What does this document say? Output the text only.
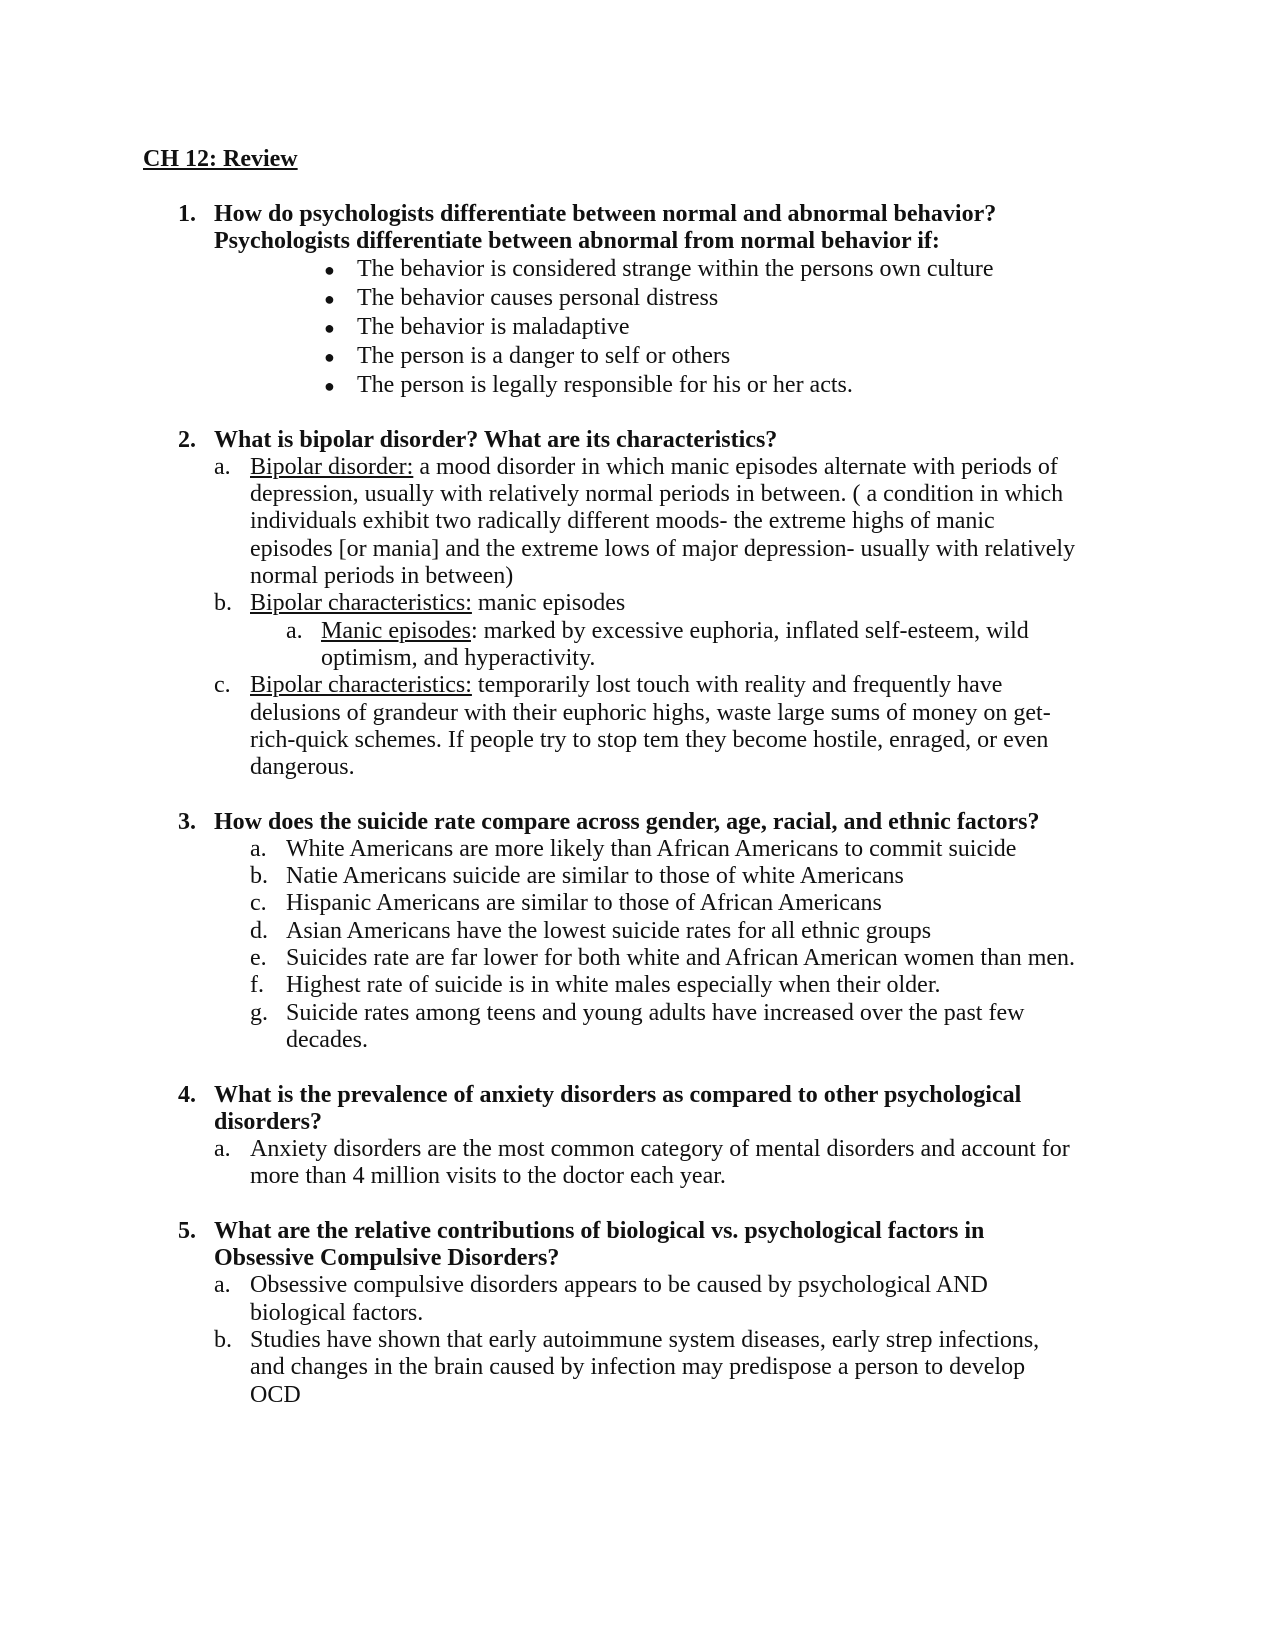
CH 12: Review
1. How do psychologists differentiate between normal and abnormal behavior?
Psychologists differentiate between abnormal from normal behavior if:
● The behavior is considered strange within the persons own culture
● The behavior causes personal distress
● The behavior is maladaptive
● The person is a danger to self or others
● The person is legally responsible for his or her acts.
2. What is bipolar disorder? What are its characteristics?
a. Bipolar disorder: a mood disorder in which manic episodes alternate with periods of
depression, usually with relatively normal periods in between. ( a condition in which
individuals exhibit two radically different moods- the extreme highs of manic
episodes [or mania] and the extreme lows of major depression- usually with relatively
normal periods in between)
b. Bipolar characteristics: manic episodes
a. Manic episodes: marked by excessive euphoria, inflated self-esteem, wild
optimism, and hyperactivity.
c. Bipolar characteristics: temporarily lost touch with reality and frequently have
delusions of grandeur with their euphoric highs, waste large sums of money on get-
rich-quick schemes. If people try to stop tem they become hostile, enraged, or even
dangerous.
3. How does the suicide rate compare across gender, age, racial, and ethnic factors?
a. White Americans are more likely than African Americans to commit suicide
b. Natie Americans suicide are similar to those of white Americans
c. Hispanic Americans are similar to those of African Americans
d. Asian Americans have the lowest suicide rates for all ethnic groups
e. Suicides rate are far lower for both white and African American women than men.
f. Highest rate of suicide is in white males especially when their older.
g. Suicide rates among teens and young adults have increased over the past few
decades.
4. What is the prevalence of anxiety disorders as compared to other psychological
disorders?
a. Anxiety disorders are the most common category of mental disorders and account for
more than 4 million visits to the doctor each year.
5. What are the relative contributions of biological vs. psychological factors in
Obsessive Compulsive Disorders?
a. Obsessive compulsive disorders appears to be caused by psychological AND
biological factors.
b. Studies have shown that early autoimmune system diseases, early strep infections,
and changes in the brain caused by infection may predispose a person to develop
OCD
